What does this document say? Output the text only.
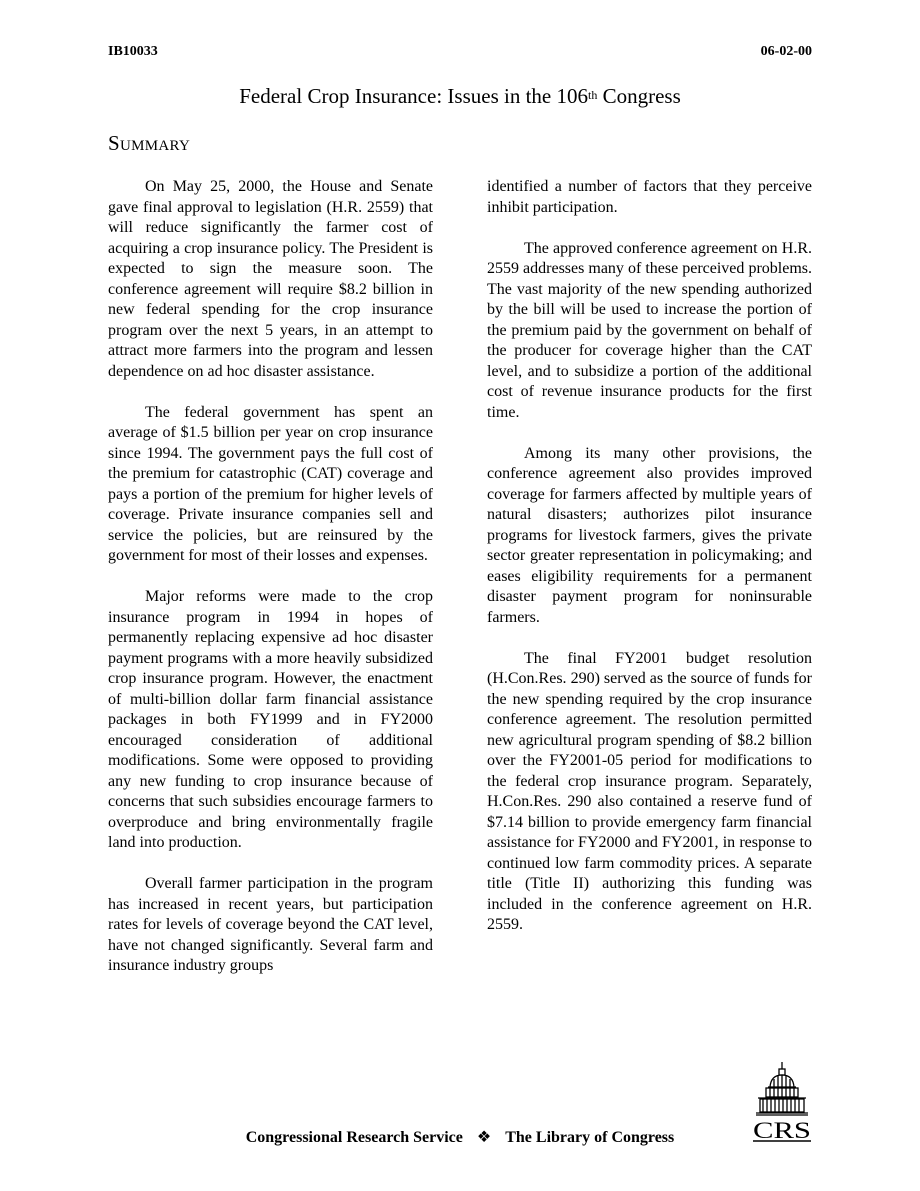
IB10033	06-02-00
Federal Crop Insurance: Issues in the 106th Congress
Summary

On May 25, 2000, the House and Senate gave final approval to legislation (H.R. 2559) that will reduce significantly the farmer cost of acquiring a crop insurance policy. The President is expected to sign the measure soon. The conference agreement will require $8.2 billion in new federal spending for the crop insurance program over the next 5 years, in an attempt to attract more farmers into the program and lessen dependence on ad hoc disaster assistance.

The federal government has spent an average of $1.5 billion per year on crop insurance since 1994. The government pays the full cost of the premium for catastrophic (CAT) coverage and pays a portion of the premium for higher levels of coverage. Private insurance companies sell and service the policies, but are reinsured by the government for most of their losses and expenses.

Major reforms were made to the crop insurance program in 1994 in hopes of permanently replacing expensive ad hoc disaster payment programs with a more heavily subsidized crop insurance program. However, the enactment of multi-billion dollar farm financial assistance packages in both FY1999 and in FY2000 encouraged consideration of additional modifications. Some were opposed to providing any new funding to crop insurance because of concerns that such subsidies encourage farmers to overproduce and bring environmentally fragile land into production.

Overall farmer participation in the program has increased in recent years, but participation rates for levels of coverage beyond the CAT level, have not changed significantly. Several farm and insurance industry groups

identified a number of factors that they perceive inhibit participation.

The approved conference agreement on H.R. 2559 addresses many of these perceived problems. The vast majority of the new spending authorized by the bill will be used to increase the portion of the premium paid by the government on behalf of the producer for coverage higher than the CAT level, and to subsidize a portion of the additional cost of revenue insurance products for the first time.

Among its many other provisions, the conference agreement also provides improved coverage for farmers affected by multiple years of natural disasters; authorizes pilot insurance programs for livestock farmers, gives the private sector greater representation in policymaking; and eases eligibility requirements for a permanent disaster payment program for noninsurable farmers.

The final FY2001 budget resolution (H.Con.Res. 290) served as the source of funds for the new spending required by the crop insurance conference agreement. The resolution permitted new agricultural program spending of $8.2 billion over the FY2001-05 period for modifications to the federal crop insurance program. Separately, H.Con.Res. 290 also contained a reserve fund of $7.14 billion to provide emergency farm financial assistance for FY2000 and FY2001, in response to continued low farm commodity prices. A separate title (Title II) authorizing this funding was included in the conference agreement on H.R. 2559.

Congressional Research Service ❖ The Library of Congress	CRS
